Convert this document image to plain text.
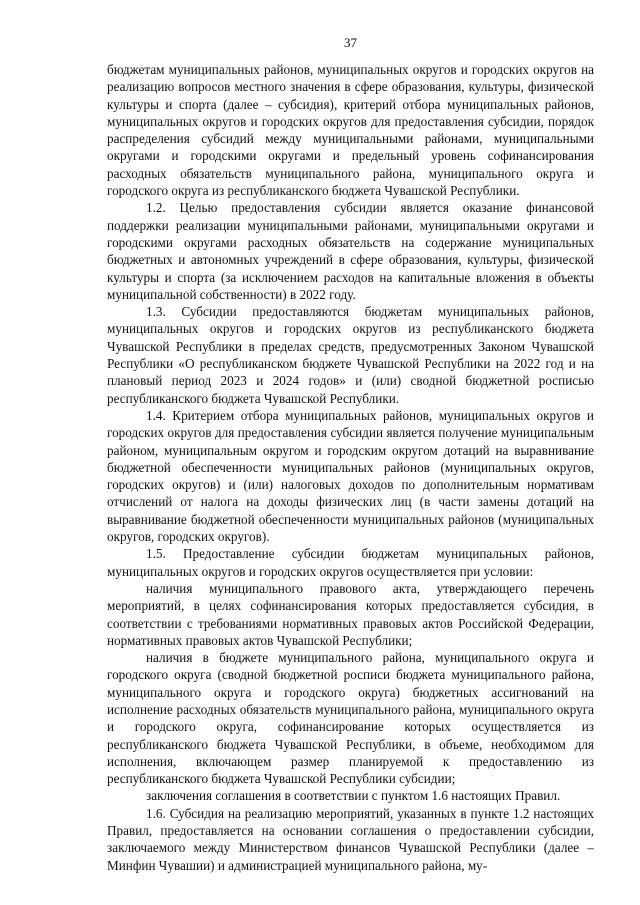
37

бюджетам муниципальных районов, муниципальных округов и городских округов на реализацию вопросов местного значения в сфере образования, культуры, физической культуры и спорта (далее – субсидия), критерий отбора муниципальных районов, муниципальных округов и городских округов для предоставления субсидии, порядок распределения субсидий между муниципальными районами, муниципальными округами и городскими округами и предельный уровень софинансирования расходных обязательств муниципального района, муниципального округа и городского округа из республиканского бюджета Чувашской Республики.

1.2. Целью предоставления субсидии является оказание финансовой поддержки реализации муниципальными районами, муниципальными округами и городскими округами расходных обязательств на содержание муниципальных бюджетных и автономных учреждений в сфере образования, культуры, физической культуры и спорта (за исключением расходов на капитальные вложения в объекты муниципальной собственности) в 2022 году.

1.3. Субсидии предоставляются бюджетам муниципальных районов, муниципальных округов и городских округов из республиканского бюджета Чувашской Республики в пределах средств, предусмотренных Законом Чувашской Республики «О республиканском бюджете Чувашской Республики на 2022 год и на плановый период 2023 и 2024 годов» и (или) сводной бюджетной росписью республиканского бюджета Чувашской Республики.

1.4. Критерием отбора муниципальных районов, муниципальных округов и городских округов для предоставления субсидии является получение муниципальным районом, муниципальным округом и городским округом дотаций на выравнивание бюджетной обеспеченности муниципальных районов (муниципальных округов, городских округов) и (или) налоговых доходов по дополнительным нормативам отчислений от налога на доходы физических лиц (в части замены дотаций на выравнивание бюджетной обеспеченности муниципальных районов (муниципальных округов, городских округов).

1.5. Предоставление субсидии бюджетам муниципальных районов, муниципальных округов и городских округов осуществляется при условии:

наличия муниципального правового акта, утверждающего перечень мероприятий, в целях софинансирования которых предоставляется субсидия, в соответствии с требованиями нормативных правовых актов Российской Федерации, нормативных правовых актов Чувашской Республики;

наличия в бюджете муниципального района, муниципального округа и городского округа (сводной бюджетной росписи бюджета муниципального района, муниципального округа и городского округа) бюджетных ассигнований на исполнение расходных обязательств муниципального района, муниципального округа и городского округа, софинансирование которых осуществляется из республиканского бюджета Чувашской Республики, в объеме, необходимом для исполнения, включающем размер планируемой к предоставлению из республиканского бюджета Чувашской Республики субсидии;

заключения соглашения в соответствии с пунктом 1.6 настоящих Правил.

1.6. Субсидия на реализацию мероприятий, указанных в пункте 1.2 настоящих Правил, предоставляется на основании соглашения о предоставлении субсидии, заключаемого между Министерством финансов Чувашской Республики (далее – Минфин Чувашии) и администрацией муниципального района, му-
